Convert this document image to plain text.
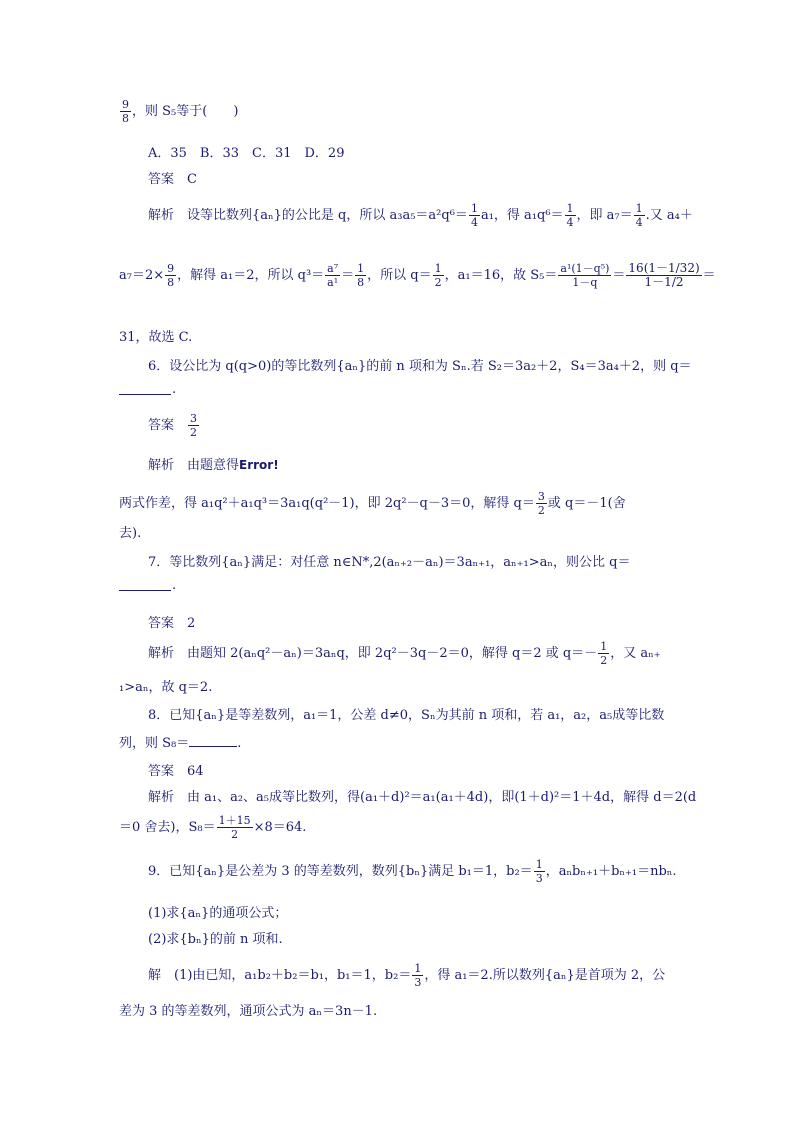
$\frac{9}{8}$ ，则 S₅等于(　　)
A．35　B．33　C．31　D．29
答案　C
解析　设等比数列{aₙ}的公比是 q，所以 $a_3a_5=a^2q^6= \frac{1}{4} a_1$，得 $a_1q^6= \frac{1}{4}$ ，即 $a_7= \frac{1}{4}$ .又 a₄＋
$a_7=2\times \frac{9}{8}$ ，解得 a₁＝2，所以 $q^3= \frac{\text{a⁷}}{\text{a¹}} = \frac{1}{8}$ ，所以 $q= \frac{1}{2}$ ，a₁＝16，故 $S_5= \frac{\text{a¹(1－q⁵)}}{1-q} = \frac{16(1-1/32)}{1-1/2}$ ＝
31，故选 C.
6．设公比为 q(q>0)的等比数列{aₙ}的前 n 项和为 Sₙ.若 S₂＝3a₂＋2，S₄＝3a₄＋2，则 q＝
.
答案　 $\frac{3}{2}$
解析　由题意得Error!
两式作差，得 a₁q²＋a₁q³＝3a₁q(q²－1)，即 2q²－q－3＝0，解得 $q= \frac{3}{2}$ 或 q＝－1(舍
去).
7．等比数列{aₙ}满足：对任意 n∈N*,2(aₙ₊₂－aₙ)＝3aₙ₊₁，aₙ₊₁>aₙ，则公比 q＝
.
答案　2
解析　由题知 2(aₙq²－aₙ)＝3aₙq，即 2q²－3q－2＝0，解得 q＝2 或 $q=- \frac{1}{2}$ ，又 aₙ₊
₁>aₙ，故 q＝2.
8．已知{aₙ}是等差数列，a₁＝1，公差 d≠0，Sₙ为其前 n 项和，若 a₁，a₂，a₅成等比数
列，则 S₈＝	.
答案　64
解析　由 a₁、a₂、a₅成等比数列，得(a₁＋d)²＝a₁(a₁＋4d)，即(1＋d)²＝1＋4d，解得 d＝2(d
＝0 舍去)，$S_8= \frac{1+15}{2} \times 8=64$.
9．已知{aₙ}是公差为 3 的等差数列，数列{bₙ}满足 b₁＝1，$b_2= \frac{1}{3}$ ，aₙbₙ₊₁＋bₙ₊₁＝nbₙ.
(1)求{aₙ}的通项公式；
(2)求{bₙ}的前 n 项和.
解　(1)由已知，a₁b₂＋b₂＝b₁，b₁＝1，$b_2= \frac{1}{3}$ ，得 a₁＝2.所以数列{aₙ}是首项为 2，公
差为 3 的等差数列，通项公式为 aₙ＝3n－1.
